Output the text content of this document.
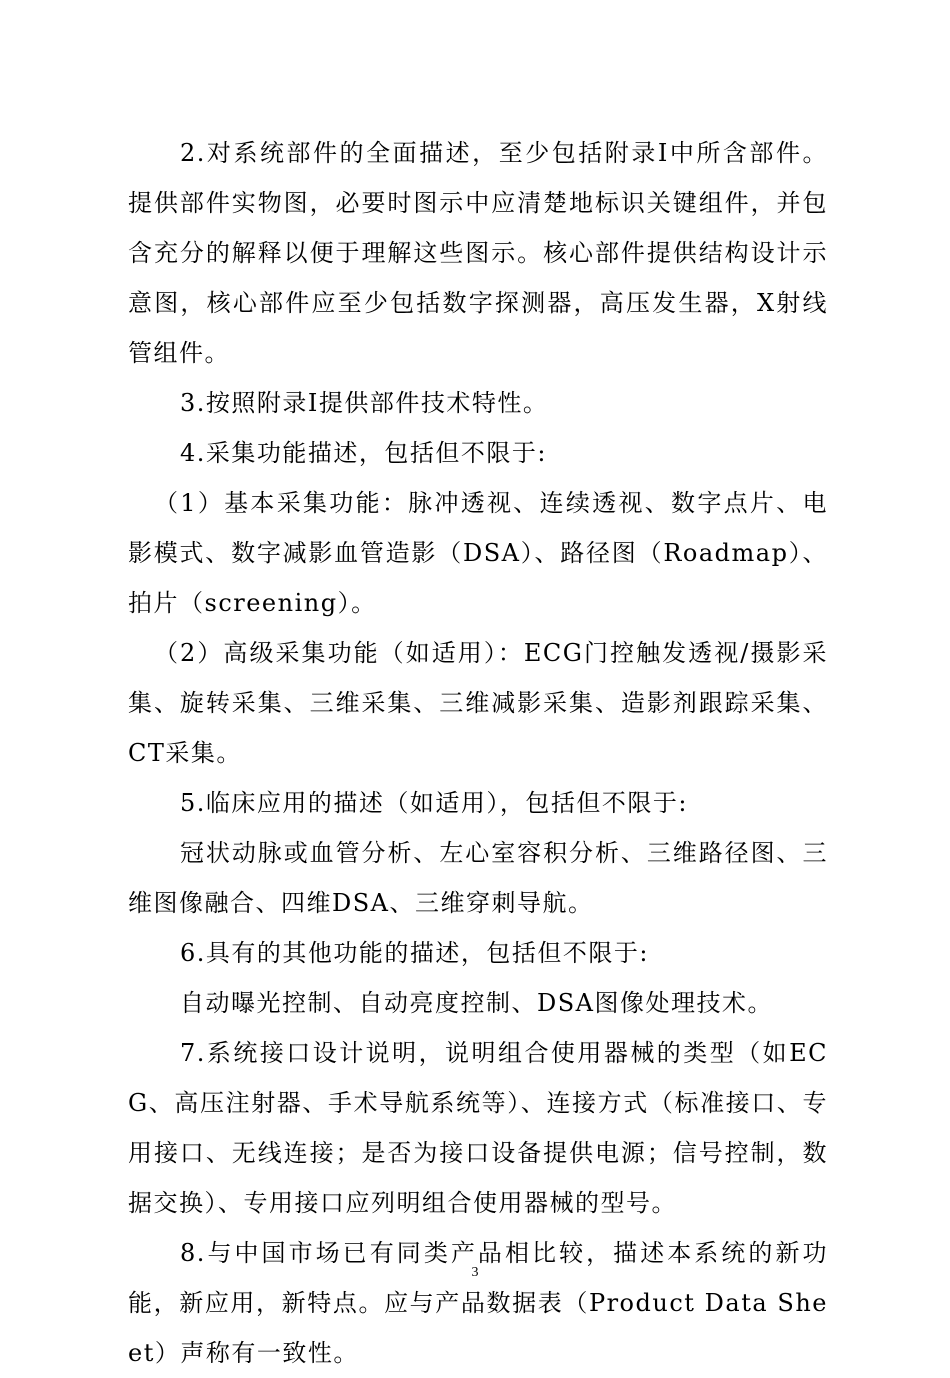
2.对系统部件的全面描述，至少包括附录Ⅰ中所含部件。提供部件实物图，必要时图示中应清楚地标识关键组件，并包含充分的解释以便于理解这些图示。核心部件提供结构设计示意图，核心部件应至少包括数字探测器，高压发生器，X射线管组件。

3.按照附录Ⅰ提供部件技术特性。

4.采集功能描述，包括但不限于:

（1）基本采集功能：脉冲透视、连续透视、数字点片、电影模式、数字减影血管造影（DSA）、路径图（Roadmap）、拍片（screening）。

（2）高级采集功能（如适用）：ECG门控触发透视/摄影采集、旋转采集、三维采集、三维减影采集、造影剂跟踪采集、CT采集。

5.临床应用的描述（如适用），包括但不限于:

冠状动脉或血管分析、左心室容积分析、三维路径图、三维图像融合、四维DSA、三维穿刺导航。

6.具有的其他功能的描述，包括但不限于:

自动曝光控制、自动亮度控制、DSA图像处理技术。

7.系统接口设计说明，说明组合使用器械的类型（如ECG、高压注射器、手术导航系统等）、连接方式（标准接口、专用接口、无线连接；是否为接口设备提供电源；信号控制，数据交换）、专用接口应列明组合使用器械的型号。

8.与中国市场已有同类产品相比较，描述本系统的新功能，新应用，新特点。应与产品数据表（Product Data Sheet）声称有一致性。

3
